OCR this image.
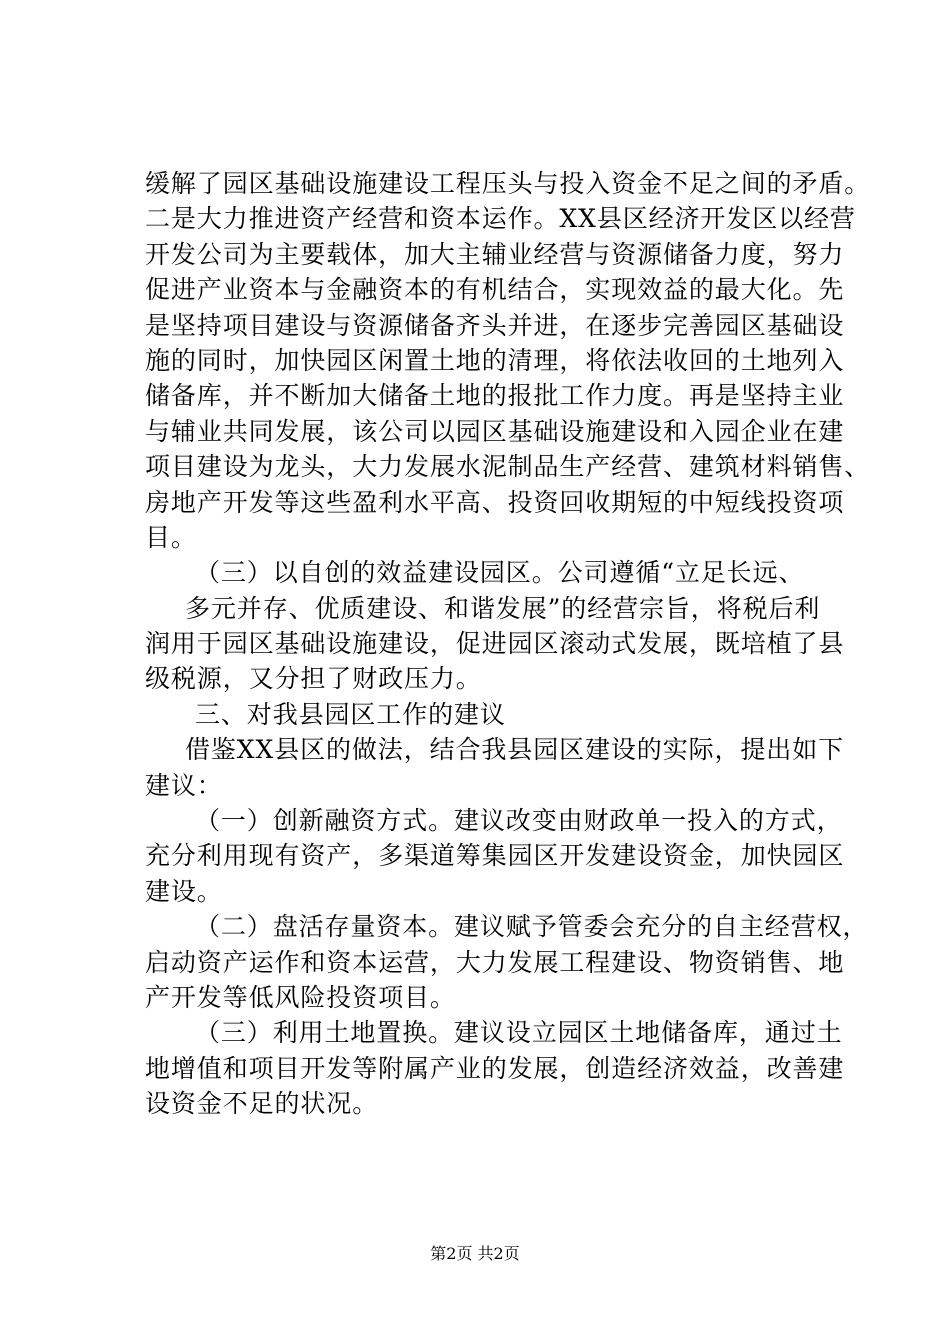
缓解了园区基础设施建设工程压头与投入资金不足之间的矛盾。
二是大力推进资产经营和资本运作。XX县区经济开发区以经营
开发公司为主要载体，加大主辅业经营与资源储备力度，努力
促进产业资本与金融资本的有机结合，实现效益的最大化。先
是坚持项目建设与资源储备齐头并进，在逐步完善园区基础设
施的同时，加快园区闲置土地的清理，将依法收回的土地列入
储备库，并不断加大储备土地的报批工作力度。再是坚持主业
与辅业共同发展，该公司以园区基础设施建设和入园企业在建
项目建设为龙头，大力发展水泥制品生产经营、建筑材料销售、
房地产开发等这些盈利水平高、投资回收期短的中短线投资项
目。
（三）以自创的效益建设园区。公司遵循“立足长远、
多元并存、优质建设、和谐发展”的经营宗旨，将税后利
润用于园区基础设施建设，促进园区滚动式发展，既培植了县
级税源，又分担了财政压力。
三、对我县园区工作的建议
借鉴XX县区的做法，结合我县园区建设的实际，提出如下
建议：
（一）创新融资方式。建议改变由财政单一投入的方式，
充分利用现有资产，多渠道筹集园区开发建设资金，加快园区
建设。
（二）盘活存量资本。建议赋予管委会充分的自主经营权，
启动资产运作和资本运营，大力发展工程建设、物资销售、地
产开发等低风险投资项目。
（三）利用土地置换。建议设立园区土地储备库，通过土
地增值和项目开发等附属产业的发展，创造经济效益，改善建
设资金不足的状况。
第2页 共2页
